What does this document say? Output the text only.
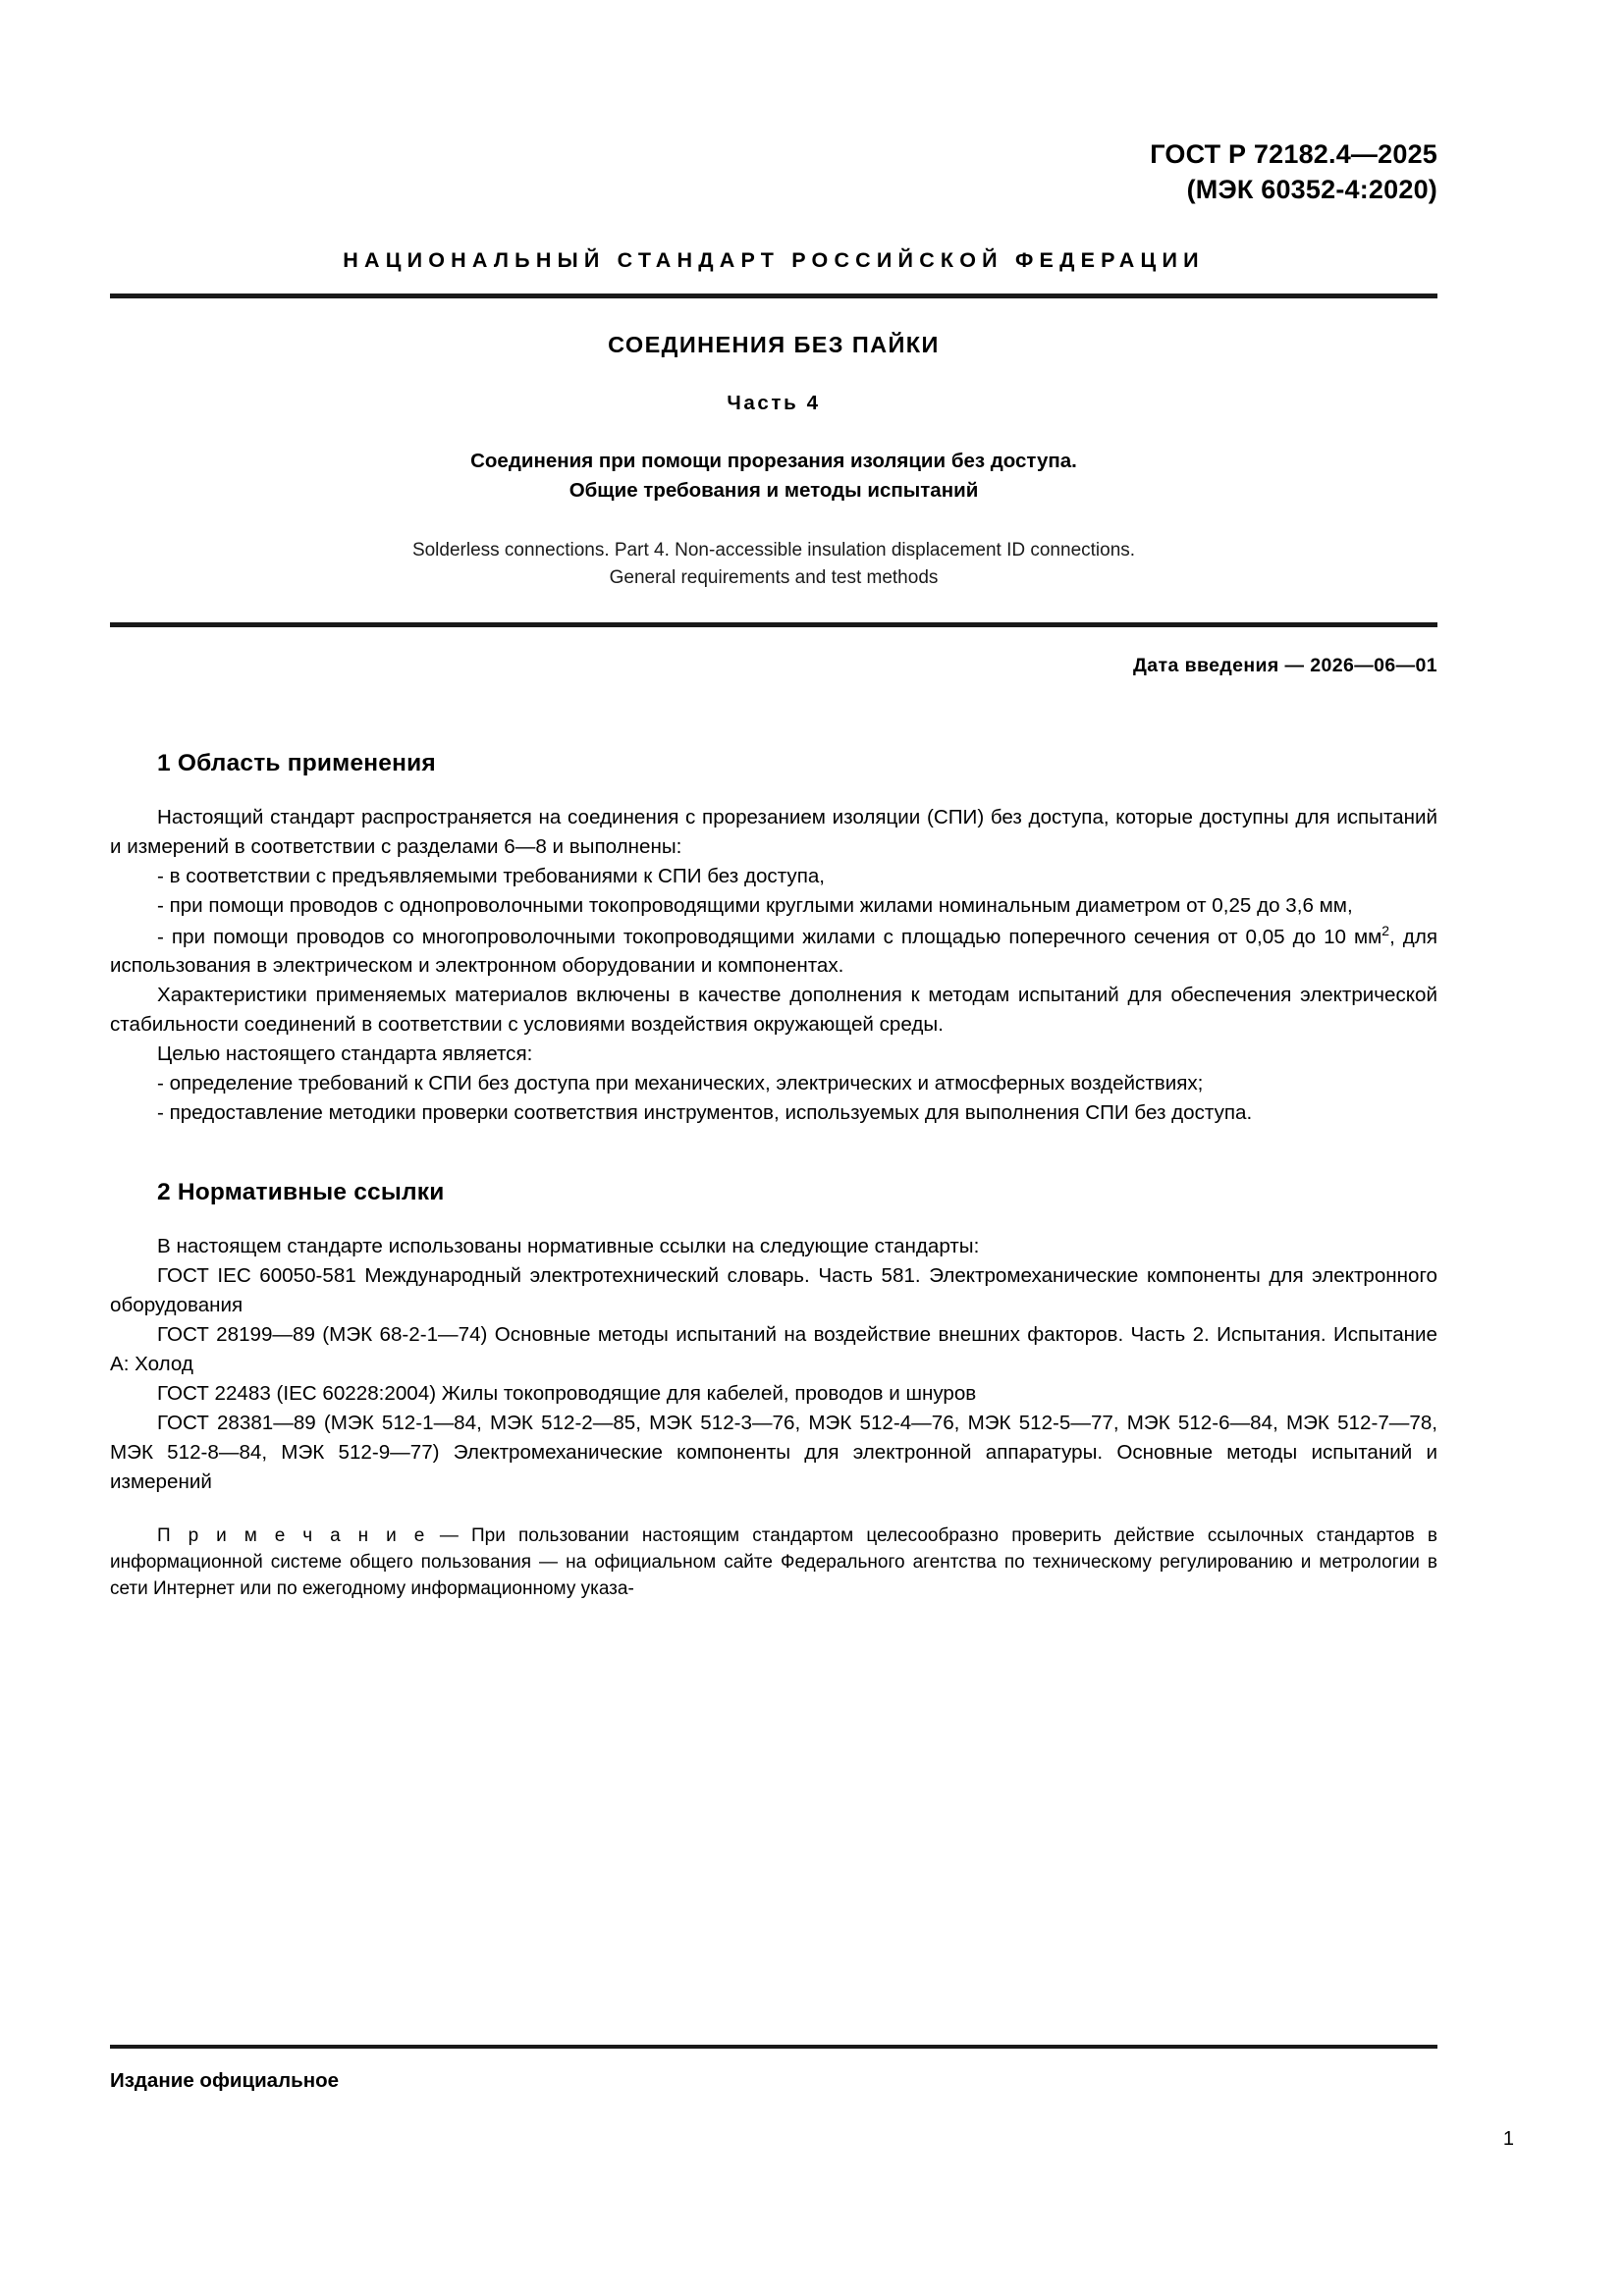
ГОСТ Р 72182.4—2025
(МЭК 60352-4:2020)
НАЦИОНАЛЬНЫЙ СТАНДАРТ РОССИЙСКОЙ ФЕДЕРАЦИИ
СОЕДИНЕНИЯ БЕЗ ПАЙКИ
Часть 4
Соединения при помощи прорезания изоляции без доступа.
Общие требования и методы испытаний
Solderless connections. Part 4. Non-accessible insulation displacement ID connections.
General requirements and test methods
Дата введения — 2026—06—01
1 Область применения

Настоящий стандарт распространяется на соединения с прорезанием изоляции (СПИ) без доступа, которые доступны для испытаний и измерений в соответствии с разделами 6—8 и выполнены:

- в соответствии с предъявляемыми требованиями к СПИ без доступа,

- при помощи проводов с однопроволочными токопроводящими круглыми жилами номинальным диаметром от 0,25 до 3,6 мм,

- при помощи проводов со многопроволочными токопроводящими жилами с площадью поперечного сечения от 0,05 до 10 $мм^2$, для использования в электрическом и электронном оборудовании и компонентах.

Характеристики применяемых материалов включены в качестве дополнения к методам испытаний для обеспечения электрической стабильности соединений в соответствии с условиями воздействия окружающей среды.

Целью настоящего стандарта является:

- определение требований к СПИ без доступа при механических, электрических и атмосферных воздействиях;

- предоставление методики проверки соответствия инструментов, используемых для выполнения СПИ без доступа.

2 Нормативные ссылки

В настоящем стандарте использованы нормативные ссылки на следующие стандарты:

ГОСТ IEC 60050-581 Международный электротехнический словарь. Часть 581. Электромеханические компоненты для электронного оборудования

ГОСТ 28199—89 (МЭК 68-2-1—74) Основные методы испытаний на воздействие внешних факторов. Часть 2. Испытания. Испытание А: Холод

ГОСТ 22483 (IEC 60228:2004) Жилы токопроводящие для кабелей, проводов и шнуров

ГОСТ 28381—89 (МЭК 512-1—84, МЭК 512-2—85, МЭК 512-3—76, МЭК 512-4—76, МЭК 512-5—77, МЭК 512-6—84, МЭК 512-7—78, МЭК 512-8—84, МЭК 512-9—77) Электромеханические компоненты для электронной аппаратуры. Основные методы испытаний и измерений

П р и м е ч а н и е — При пользовании настоящим стандартом целесообразно проверить действие ссылочных стандартов в информационной системе общего пользования — на официальном сайте Федерального агентства по техническому регулированию и метрологии в сети Интернет или по ежегодному информационному указа-
Издание официальное
1
